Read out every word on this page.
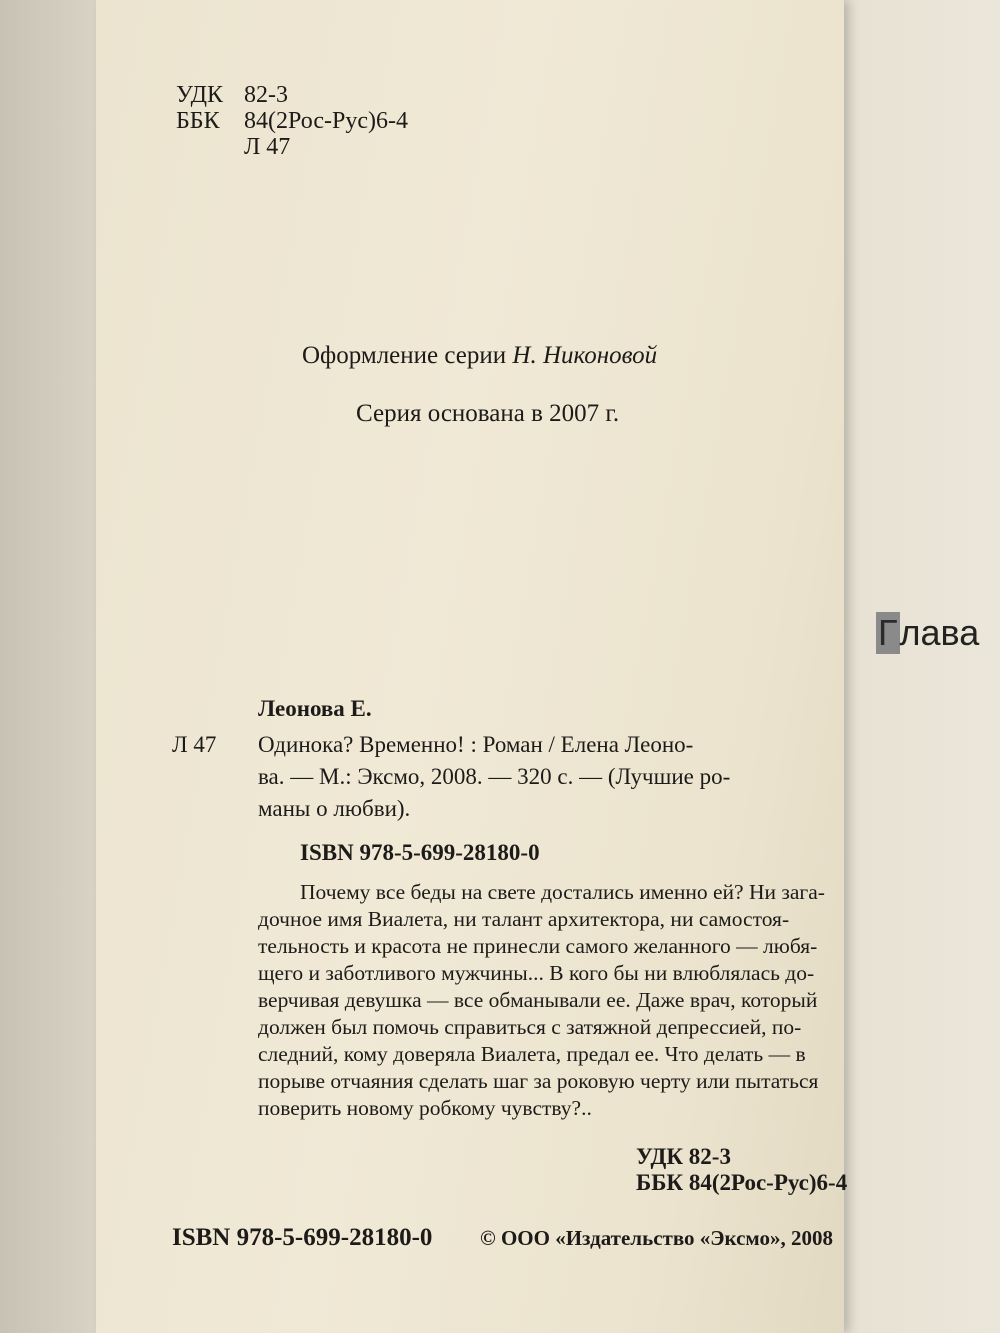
Глава
УДК 82-3
ББК 84(2Рос-Рус)6-4
Л 47
Оформление серии Н. Никоновой
Серия основана в 2007 г.
Леонова Е.
Л 47 Одинока? Временно! : Роман / Елена Леоно-
ва. — М.: Эксмо, 2008. — 320 с. — (Лучшие ро-
маны о любви).
ISBN 978-5-699-28180-0
Почему все беды на свете достались именно ей? Ни зага-
дочное имя Виалета, ни талант архитектора, ни самостоя-
тельность и красота не принесли самого желанного — любя-
щего и заботливого мужчины... В кого бы ни влюблялась до-
верчивая девушка — все обманывали ее. Даже врач, который
должен был помочь справиться с затяжной депрессией, по-
следний, кому доверяла Виалета, предал ее. Что делать — в
порыве отчаяния сделать шаг за роковую черту или пытаться
поверить новому робкому чувству?..
УДК 82-3
ББК 84(2Рос-Рус)6-4
ISBN 978-5-699-28180-0 © ООО «Издательство «Эксмо», 2008
